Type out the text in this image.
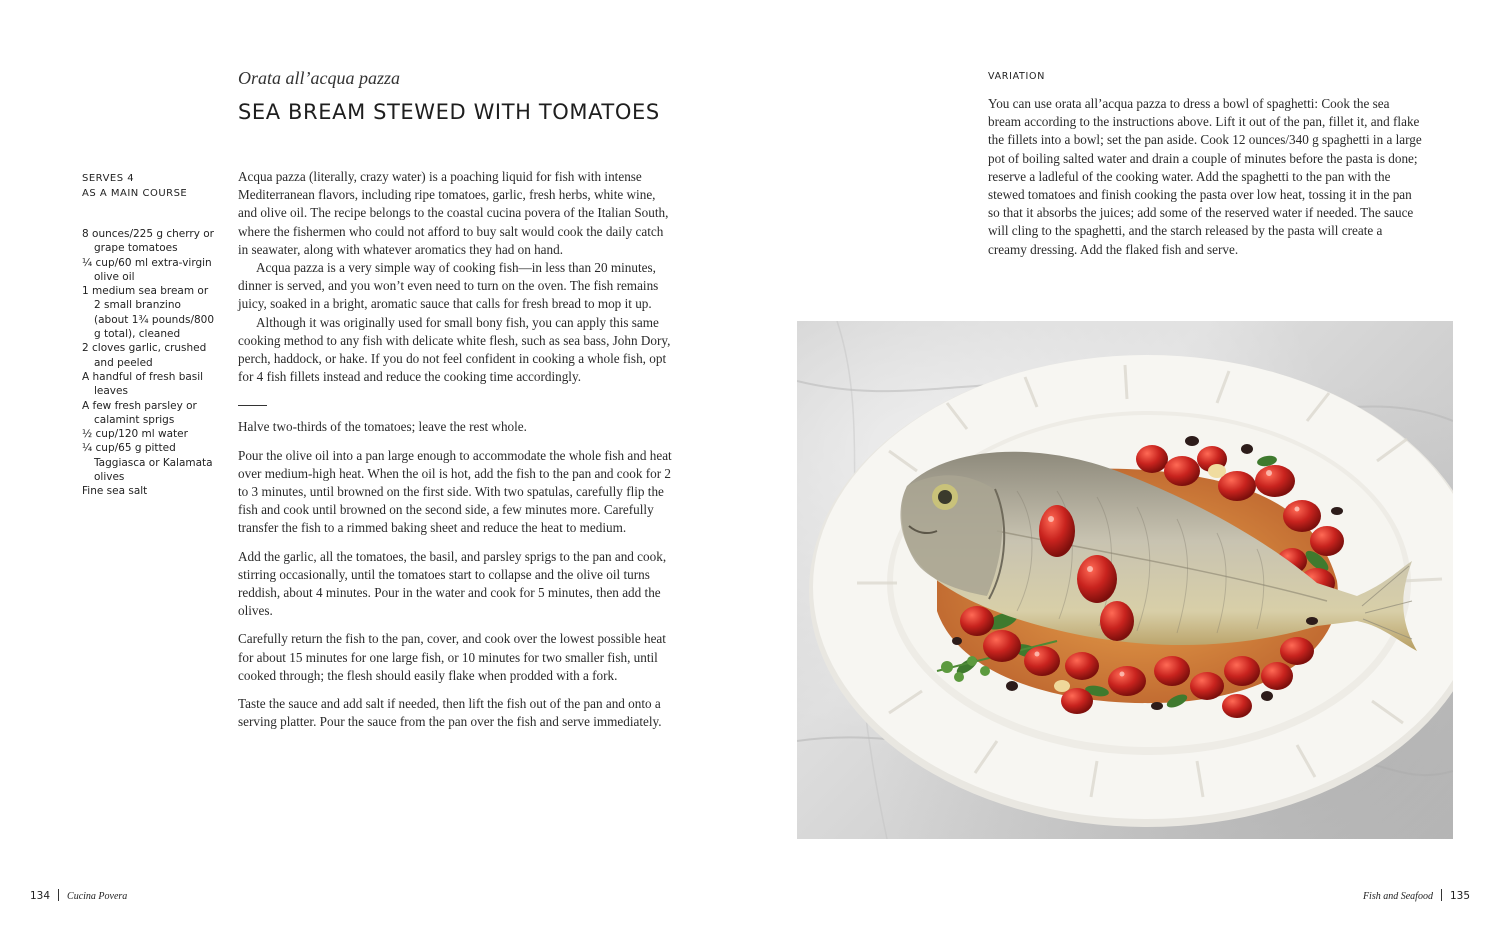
Orata all’acqua pazza
SEA BREAM STEWED WITH TOMATOES
SERVES 4
AS A MAIN COURSE
8 ounces/225 g cherry or grape tomatoes
¼ cup/60 ml extra-virgin olive oil
1 medium sea bream or 2 small branzino (about 1¾ pounds/800 g total), cleaned
2 cloves garlic, crushed and peeled
A handful of fresh basil leaves
A few fresh parsley or calamint sprigs
½ cup/120 ml water
¼ cup/65 g pitted Taggiasca or Kalamata olives
Fine sea salt

Acqua pazza (literally, crazy water) is a poaching liquid for fish with intense Mediterranean flavors, including ripe tomatoes, garlic, fresh herbs, white wine, and olive oil. The recipe belongs to the coastal cucina povera of the Italian South, where the fishermen who could not afford to buy salt would cook the daily catch in seawater, along with whatever aromatics they had on hand.

Acqua pazza is a very simple way of cooking fish—in less than 20 minutes, dinner is served, and you won’t even need to turn on the oven. The fish remains juicy, soaked in a bright, aromatic sauce that calls for fresh bread to mop it up.

Although it was originally used for small bony fish, you can apply this same cooking method to any fish with delicate white flesh, such as sea bass, John Dory, perch, haddock, or hake. If you do not feel confident in cooking a whole fish, opt for 4 fish fillets instead and reduce the cooking time accordingly.

Halve two-thirds of the tomatoes; leave the rest whole.

Pour the olive oil into a pan large enough to accommodate the whole fish and heat over medium-high heat. When the oil is hot, add the fish to the pan and cook for 2 to 3 minutes, until browned on the first side. With two spatulas, carefully flip the fish and cook until browned on the second side, a few minutes more. Carefully transfer the fish to a rimmed baking sheet and reduce the heat to medium.

Add the garlic, all the tomatoes, the basil, and parsley sprigs to the pan and cook, stirring occasionally, until the tomatoes start to collapse and the olive oil turns reddish, about 4 minutes. Pour in the water and cook for 5 minutes, then add the olives.

Carefully return the fish to the pan, cover, and cook over the lowest possible heat for about 15 minutes for one large fish, or 10 minutes for two smaller fish, until cooked through; the flesh should easily flake when prodded with a fork.

Taste the sauce and add salt if needed, then lift the fish out of the pan and onto a serving platter. Pour the sauce from the pan over the fish and serve immediately.

134 Cucina Povera
VARIATION

You can use orata all’acqua pazza to dress a bowl of spaghetti: Cook the sea bream according to the instructions above. Lift it out of the pan, fillet it, and flake the fillets into a bowl; set the pan aside. Cook 12 ounces/340 g spaghetti in a large pot of boiling salted water and drain a couple of minutes before the pasta is done; reserve a ladleful of the cooking water. Add the spaghetti to the pan with the stewed tomatoes and finish cooking the pasta over low heat, tossing it in the pan so that it absorbs the juices; add some of the reserved water if needed. The sauce will cling to the spaghetti, and the starch released by the pasta will create a creamy dressing. Add the flaked fish and serve.

Fish and Seafood 135
